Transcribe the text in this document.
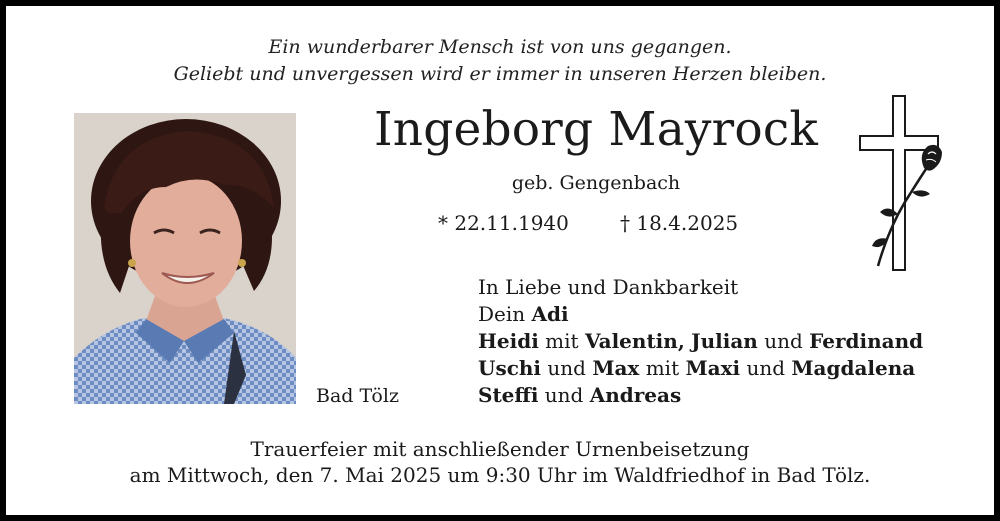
Ein wunderbarer Mensch ist von uns gegangen.
Geliebt und unvergessen wird er immer in unseren Herzen bleiben.
Ingeborg Mayrock
geb. Gengenbach
* 22.11.1940	† 18.4.2025
In Liebe und Dankbarkeit
Dein Adi
Heidi mit Valentin, Julian und Ferdinand
Uschi und Max mit Maxi und Magdalena
Steffi und Andreas
Bad Tölz
Trauerfeier mit anschließender Urnenbeisetzung
am Mittwoch, den 7. Mai 2025 um 9:30 Uhr im Waldfriedhof in Bad Tölz.
